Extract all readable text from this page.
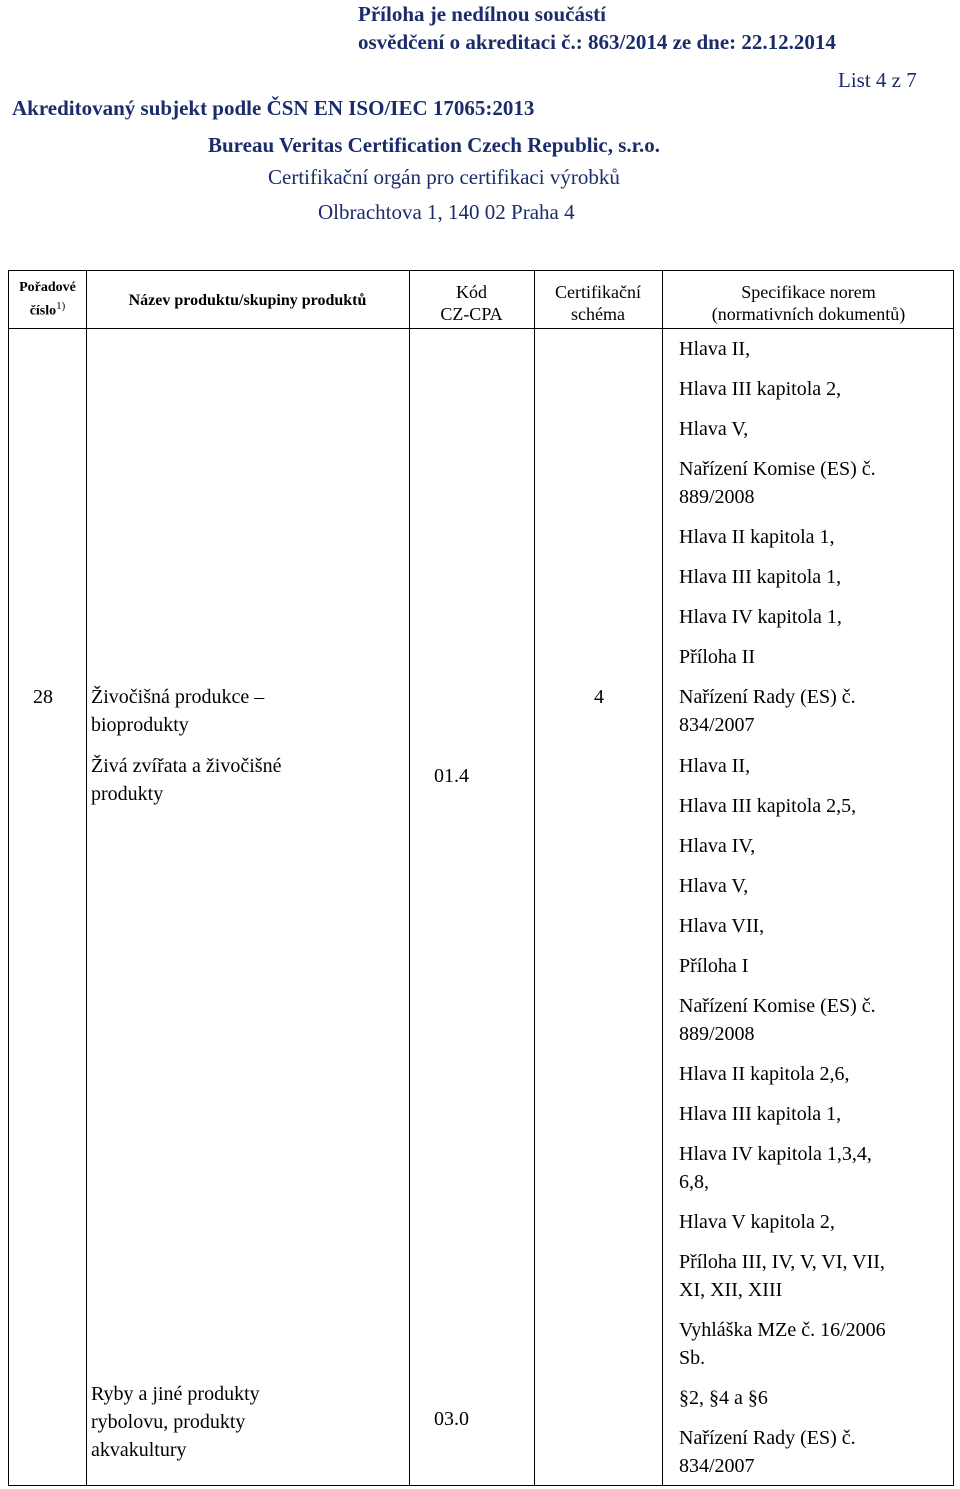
Příloha je nedílnou součástí
osvědčení o akreditaci č.: 863/2014 ze dne: 22.12.2014
List 4 z 7
Akreditovaný subjekt podle ČSN EN ISO/IEC 17065:2013
Bureau Veritas Certification Czech Republic, s.r.o.
Certifikační orgán pro certifikaci výrobků
Olbrachtova 1, 140 02 Praha 4
Pořadové
číslo$^{1)}$	Název produktu/skupiny produktů	Kód
CZ-CPA
Certifikační
schéma
Specifikace norem
(normativních dokumentů)
Hlava II,
Hlava III kapitola 2,
Hlava V,
Nařízení Komise (ES) č.
889/2008
Hlava II kapitola 1,
Hlava III kapitola 1,
Hlava IV kapitola 1,
Příloha II
28 Živočišná produkce –
bioprodukty
4
Živá zvířata a živočišné
produkty
01.4
Ryby a jiné produkty
rybolovu, produkty
akvakultury
03.0
Nařízení Rady (ES) č.
834/2007
Hlava II,
Hlava III kapitola 2,5,
Hlava IV,
Hlava V,
Hlava VII,
Příloha I
Nařízení Komise (ES) č.
889/2008
Hlava II kapitola 2,6,
Hlava III kapitola 1,
Hlava IV kapitola 1,3,4,
6,8,
Hlava V kapitola 2,
Příloha III, IV, V, VI, VII,
XI, XII, XIII
Vyhláška MZe č. 16/2006
Sb.
§2, §4 a §6
Nařízení Rady (ES) č.
834/2007
